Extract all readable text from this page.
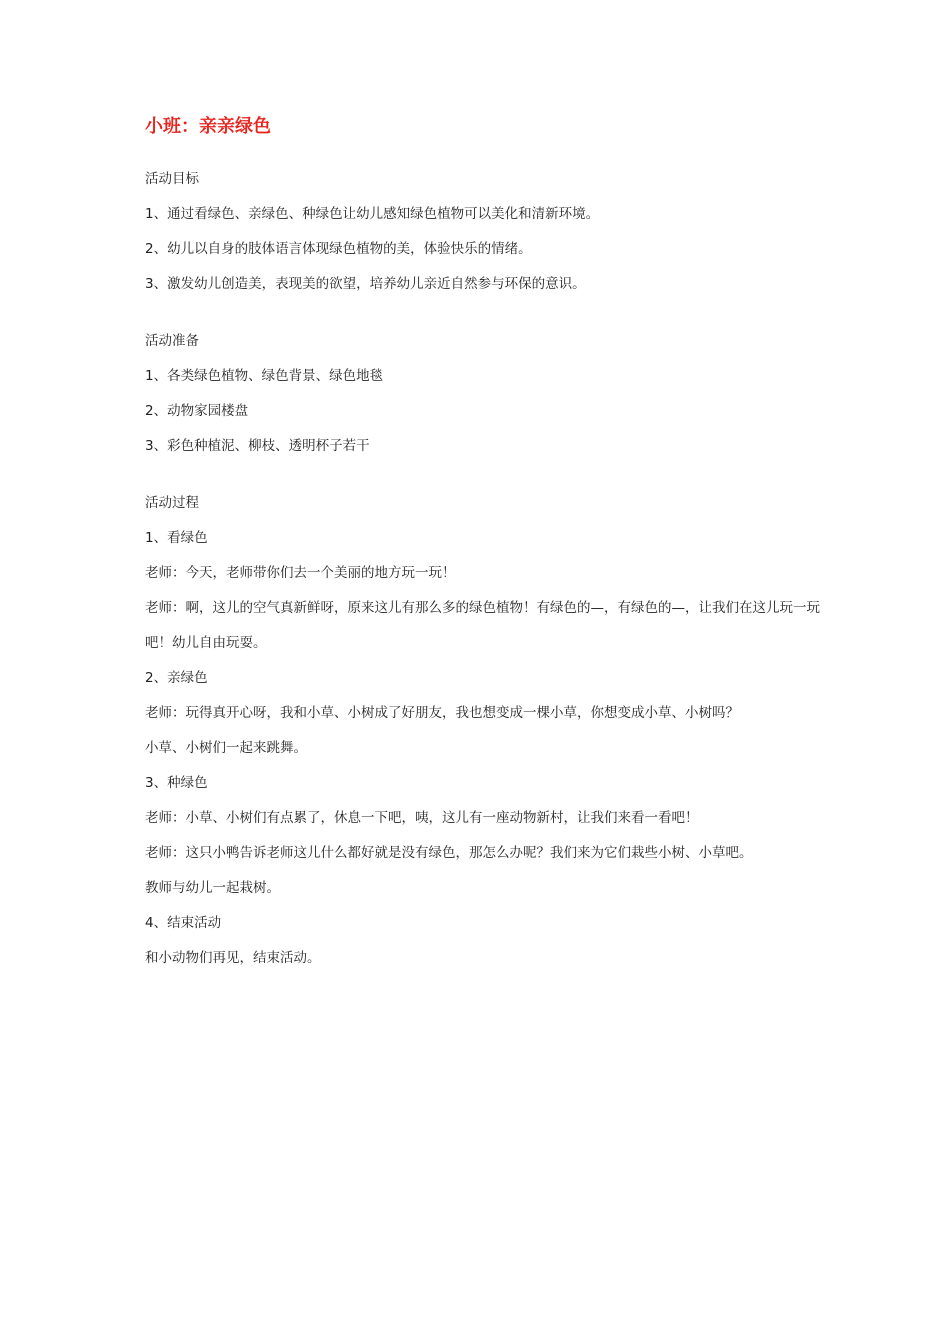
小班：亲亲绿色

活动目标

1、通过看绿色、亲绿色、种绿色让幼儿感知绿色植物可以美化和清新环境。

2、幼儿以自身的肢体语言体现绿色植物的美，体验快乐的情绪。

3、激发幼儿创造美，表现美的欲望，培养幼儿亲近自然参与环保的意识。

活动准备

1、各类绿色植物、绿色背景、绿色地毯

2、动物家园楼盘

3、彩色种植泥、柳枝、透明杯子若干

活动过程

1、看绿色

老师：今天，老师带你们去一个美丽的地方玩一玩！

老师：啊，这儿的空气真新鲜呀，原来这儿有那么多的绿色植物！有绿色的—，有绿色的—，让我们在这儿玩一玩吧！幼儿自由玩耍。

2、亲绿色

老师：玩得真开心呀，我和小草、小树成了好朋友，我也想变成一棵小草，你想变成小草、小树吗？

小草、小树们一起来跳舞。

3、种绿色

老师：小草、小树们有点累了，休息一下吧，咦，这儿有一座动物新村，让我们来看一看吧！

老师：这只小鸭告诉老师这儿什么都好就是没有绿色，那怎么办呢？我们来为它们栽些小树、小草吧。

教师与幼儿一起栽树。

4、结束活动

和小动物们再见，结束活动。
